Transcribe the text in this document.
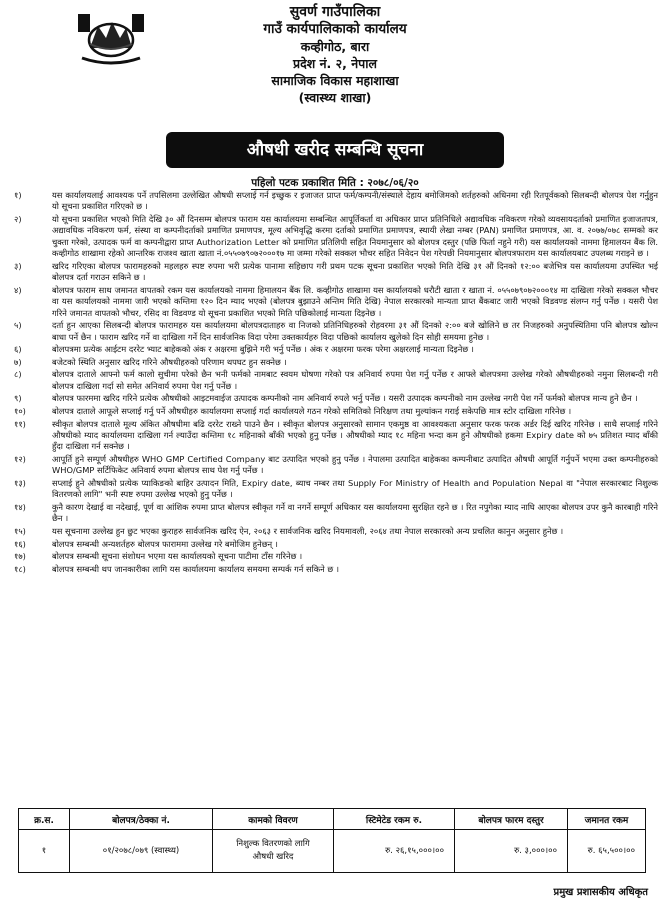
सुवर्ण गाउँपालिका
गाउँ कार्यपालिकाको कार्यालय
कव्हीगोठ, बारा
प्रदेश नं. २, नेपाल
सामाजिक विकास महाशाखा
(स्वास्थ्य शाखा)
औषधी खरीद सम्बन्धि सूचना
पहिलो पटक प्रकाशित मिति : २०७८/०६/२०
१)	यस कार्यालयलाई आवश्यक पर्ने तपसिलमा उल्लेखित औषधी सप्लाई गर्न इच्छुक र इजाजत प्राप्त फर्म/कम्पनी/संस्थाले देहाय बमोजिमको शर्तहरुको अधिनमा रही रितपूर्वकको सिलबन्दी बोलपत्र पेश गर्नुहुन यो सूचना प्रकाशित गरिएको छ ।
२)	यो सूचना प्रकाशित भएको मिति देखि ३० औं दिनसम्म बोलपत्र फाराम यस कार्यालयमा सम्बन्धित आपूर्तिकर्ता वा अधिकार प्राप्त प्रतिनिधिले अद्यावधिक नविकरण गरेको व्यवसायदर्ताको प्रमाणित इजाजतपत्र, अद्यावधिक नविकरण फर्म, संस्था वा कम्पनीदर्ताको प्रमाणित प्रमाणपत्र, मूल्य अभिवृद्धि करमा दर्ताको प्रमाणित प्रमाणपत्र, स्थायी लेखा नम्बर (PAN) प्रमाणित प्रमाणपत्र, आ. व. २०७७/०७८ सम्मको कर चुक्ता गरेको, उत्पादक फर्म वा कम्पनीद्वारा प्राप्त Authorization Letter को प्रमाणित प्रतिलिपी सहित नियमानुसार को बोलपत्र दस्तुर (पछि फिर्ता नहुने गरी) यस कार्यालयको नाममा हिमालयन बैंक लि. कव्हीगोठ शाखामा रहेको आन्तरिक राजश्व खाता खाता नं.०५५०७९०७२०००१७ मा जम्मा गरेको सक्कल भौचर सहित निवेदन पेश गरेपछी नियमानुसार बोलपत्रफाराम यस कार्यालयबाट उपलब्ध गराइने छ ।
३)	खरिद गरिएका बोलपत्र फारामहरुको महलहरु स्पष्ट रुपमा भरी प्रत्येक पानामा सहिछाप गरी प्रथम पटक सूचना प्रकाशित भएको मिति देखि ३१ औं दिनको १२:०० बजेभित्र यस कार्यालयमा उपस्थित भई बोलपत्र दर्ता गराउन सकिने छ ।
४)	बोलपत्र फाराम साथ जमानत वापतको रकम यस कार्यालयको नाममा हिमालयन बैंक लि. कव्हीगोठ शाखामा यस कार्यालयको धरौटी खाता र खाता नं. ०५५०७९०७२०००१४ मा दाखिला गरेको सक्कल भौचर वा यस कार्यालयको नाममा जारी भएको कम्तिमा १२० दिन म्याद भएको (बोलपत्र बुझाउने अन्तिम मिति देखि) नेपाल सरकारको मान्यता प्राप्त बैंकबाट जारी भएको विडवण्ड संलग्न गर्नु पर्नेछ । यसरी पेश गरिने जमानत वापतको भौचर, रसिद वा विडवण्ड यो सूचना प्रकाशित भएको मिति पछिकोलाई मान्यता दिइनेछ ।
५)	दर्ता हुन आएका सिलबन्दी बोलपत्र फारामहरु यस कार्यालयमा बोलपत्रदाताहरु वा निजको प्रतिनिधिहरुको रोहवरमा ३१ औं दिनको २:०० बजे खोलिने छ तर निजहरुको अनुपस्थितिमा पनि बोलपत्र खोल्न बाधा पर्ने छैन । फाराम खरिद गर्ने वा दाखिला गर्ने दिन सार्वजनिक विदा परेमा उक्तकार्यहरु विदा पछिको कार्यालय खुलेको दिन सोही समयमा हुनेछ ।
६)	बोलपत्रमा प्रत्येक आईटम दररेट भ्याट बाहेकको अंक र अक्षरमा बुझिने गरी भर्नु पर्नेछ । अंक र अक्षरमा फरक परेमा अक्षरलाई मान्यता दिइनेछ ।
७)	बजेटको स्थिति अनुसार खरिद गरिने औषधीहरुको परिणाम थपघट हुन सक्नेछ ।
८)	बोलपत्र दाताले आफ्नो फर्म कालो सुचीमा परेको छैन भनी फर्मको नामबाट स्वयम घोषणा गरेको पत्र अनिवार्य रुपमा पेश गर्नु पर्नेछ र आफ्ले बोलपत्रमा उल्लेख गरेको औषधीहरुको नमुना सिलबन्दी गरी बोलपत्र दाखिला गर्दा सो समेत अनिवार्य रुपमा पेश गर्नु पर्नेछ ।
९)	बोलपत्र फारममा खरिद गरिने प्रत्येक औषधीको आइटमवाईज उत्पादक कम्पनीको नाम अनिवार्य रुपले भर्नु पर्नेछ । यसरी उत्पादक कम्पनीको नाम उल्लेख नगरी पेश गर्ने फर्मको बोलपत्र मान्य हुने छैन ।
१०)	बोलपत्र दाताले आफूले सप्लाई गर्नु पर्ने औषधीहरु कार्यालयमा सप्लाई गर्दा कार्यालयले गठन गरेको समितिको निरिक्षण तथा मुल्यांकन गराई सकेपछि मात्र स्टोर दाखिला गरिनेछ ।
११)	स्वीकृत बोलपत्र दाताले मूल्य अंकित औषधीमा बढि दररेट राख्ने पाउने छैन । स्वीकृत बोलपत्र अनुसारको सामान एकमुष्ठ वा आवश्यकता अनुसार फरक फरक अर्डर दिई खरिद गरिनेछ । साथै सप्लाई गरिने औषधीको म्याद कार्यालयमा दाखिला गर्न ल्याउँदा कम्तिमा १८ महिनाको बाँकी भएको हुनु पर्नेछ । औषधीको म्याद १८ महिना भन्दा कम हुने औषधीको हकमा Expiry date को ७५ प्रतिशत म्याद बाँकी हुँदा दाखिला गर्न सक्नेछ ।
१२)	आपूर्ति हुने सम्पूर्ण औषधीहरु WHO GMP Certified Company बाट उत्पादित भएको हुनु पर्नेछ । नेपालमा उत्पादित बाहेकका कम्पनीबाट उत्पादित औषधी आपूर्ति गर्नुपर्ने भएमा उक्त कम्पनीहरुको WHO/GMP सर्टिफिकेट अनिवार्य रुपमा बोलपत्र साथ पेश गर्नु पर्नेछ ।
१३)	सप्लाई हुने औषधीको प्रत्येक प्याकिङको बाहिर उत्पादन मिति, Expiry date, ब्याच नम्बर तथा Supply For Ministry of Health and Population Nepal वा "नेपाल सरकारबाट निशुल्क वितरणको लागि" भनी स्पष्ट रुपमा उल्लेख भएको हुनु पर्नेछ ।
१४)	कुनै कारण देखाई वा नदेखाई, पूर्ण वा आंशिक रुपमा प्राप्त बोलपत्र स्वीकृत गर्ने वा नगर्ने सम्पूर्ण अधिकार यस कार्यालयमा सुरक्षित रहने छ । रित नपुगेका म्याद नाघि आएका बोलपत्र उपर कुनै कारबाही गरिने छैन ।
१५)	यस सूचनामा उल्लेख हुन छुट भएका कुराहरु सार्वजनिक खरिद ऐन, २०६३ र सार्वजनिक खरिद नियमावली, २०६४ तथा नेपाल सरकारको अन्य प्रचलित कानुन अनुसार हुनेछ ।
१६)	बोलपत्र सम्बन्धी अन्यशर्तहरु बोलपत्र फाराममा उल्लेख गरे बमोजिम हुनेछन् ।
१७)	बोलपत्र सम्बन्धी सूचना संशोधन भएमा यस कार्यालयको सूचना पाटीमा टाँस गरिनेछ ।
१८)	बोलपत्र सम्बन्धी थप जानकारीका लागि यस कार्यालयमा कार्यालय समयमा सम्पर्क गर्न सकिने छ ।
क्र.स.	बोलपत्र/ठेक्का नं.	कामको विवरण	स्टिमेटेड रकम रु.	बोलपत्र फारम दस्तुर	जमानत रकम
१	०१/२०७८/०७९ (स्वास्थ्य)	निशुल्क वितरणको लागि
औषधी खरिद	रु. २६,१५,०००।००	रु. ३,०००।००	रु. ६५,५००।००
प्रमुख प्रशासकीय अधिकृत
